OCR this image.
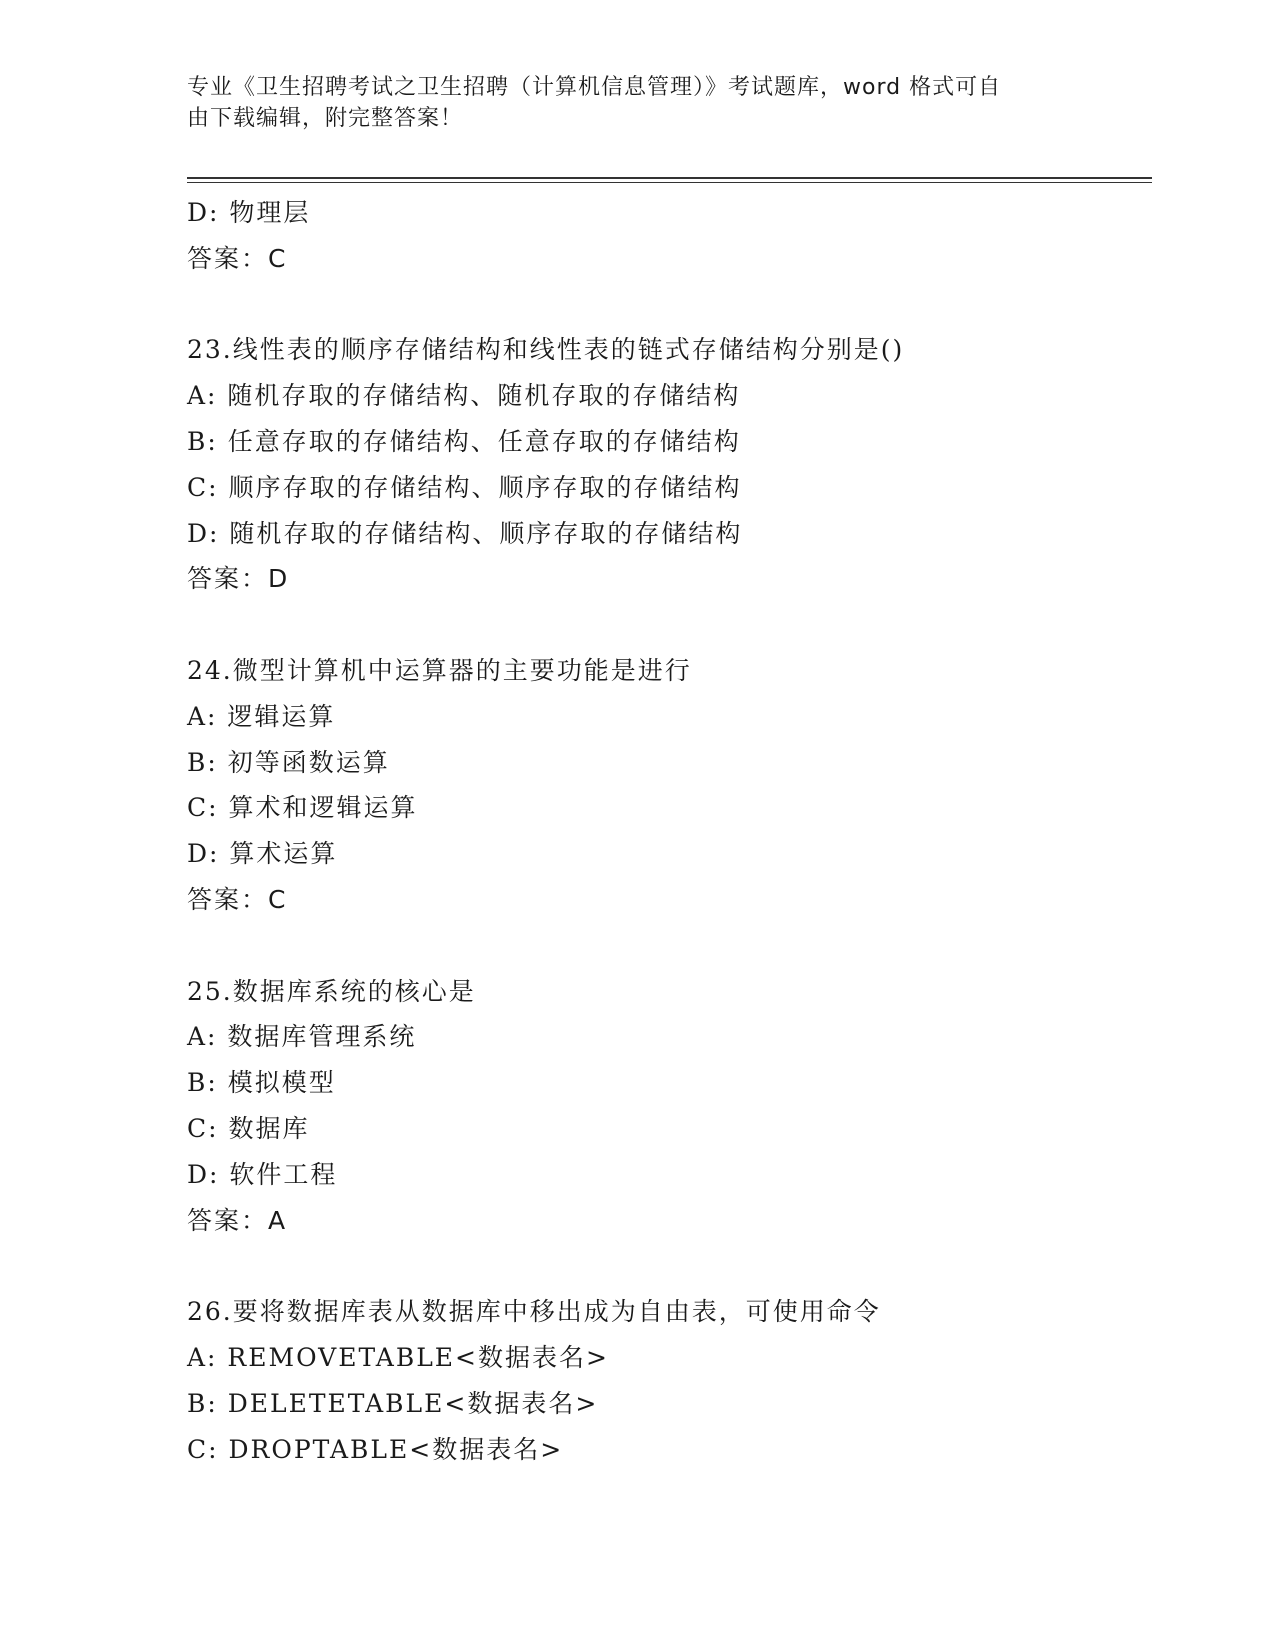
专业《卫生招聘考试之卫生招聘（计算机信息管理）》考试题库，word 格式可自
由下载编辑，附完整答案！
D: 物理层
答案：C
23.线性表的顺序存储结构和线性表的链式存储结构分别是()
A: 随机存取的存储结构、随机存取的存储结构
B: 任意存取的存储结构、任意存取的存储结构
C: 顺序存取的存储结构、顺序存取的存储结构
D: 随机存取的存储结构、顺序存取的存储结构
答案：D
24.微型计算机中运算器的主要功能是进行
A: 逻辑运算
B: 初等函数运算
C: 算术和逻辑运算
D: 算术运算
答案：C
25.数据库系统的核心是
A: 数据库管理系统
B: 模拟模型
C: 数据库
D: 软件工程
答案：A
26.要将数据库表从数据库中移出成为自由表，可使用命令
A: REMOVETABLE<数据表名>
B: DELETETABLE<数据表名>
C: DROPTABLE<数据表名>
